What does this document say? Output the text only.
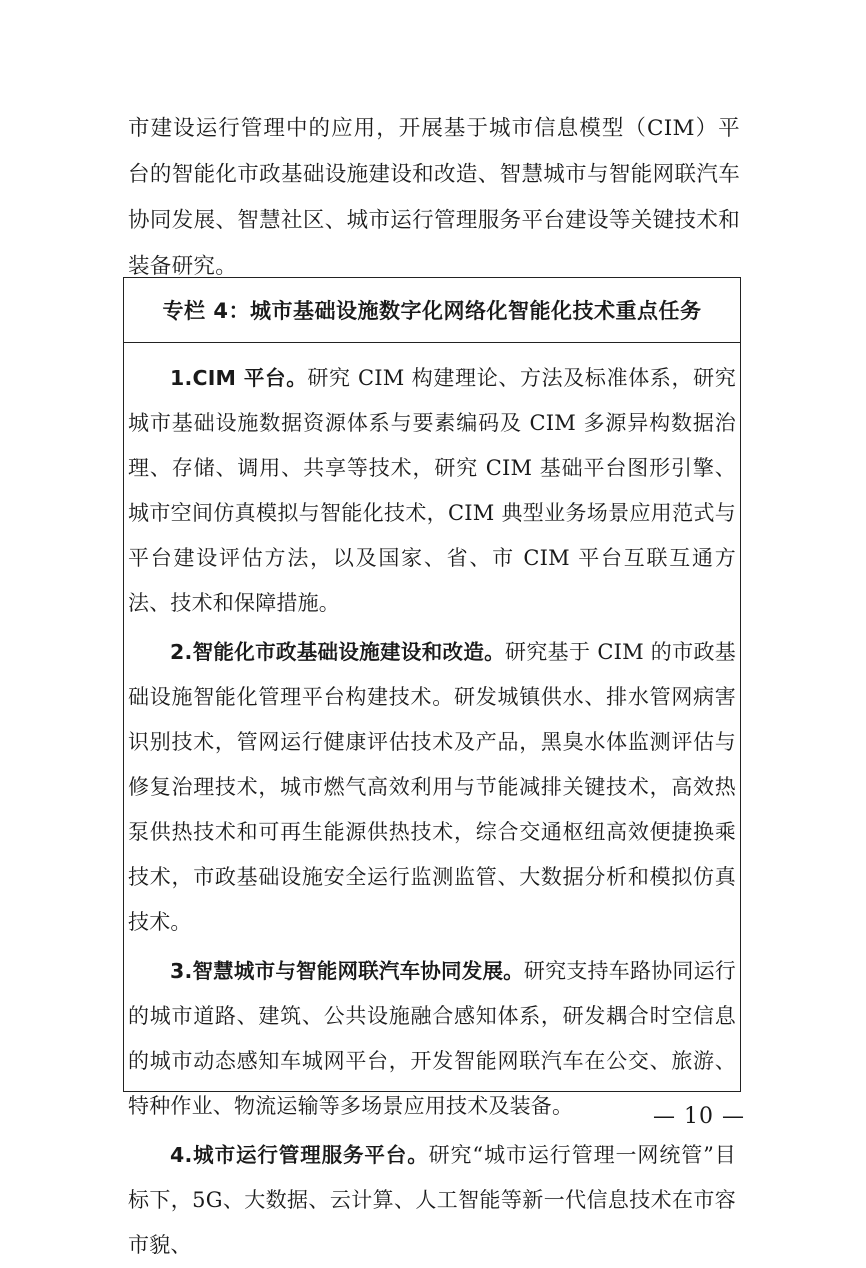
市建设运行管理中的应用，开展基于城市信息模型（CIM）平台的智能化市政基础设施建设和改造、智慧城市与智能网联汽车协同发展、智慧社区、城市运行管理服务平台建设等关键技术和装备研究。

专栏 4：城市基础设施数字化网络化智能化技术重点任务

1.CIM 平台。研究 CIM 构建理论、方法及标准体系，研究城市基础设施数据资源体系与要素编码及 CIM 多源异构数据治理、存储、调用、共享等技术，研究 CIM 基础平台图形引擎、城市空间仿真模拟与智能化技术，CIM 典型业务场景应用范式与平台建设评估方法，以及国家、省、市 CIM 平台互联互通方法、技术和保障措施。

2.智能化市政基础设施建设和改造。研究基于 CIM 的市政基础设施智能化管理平台构建技术。研发城镇供水、排水管网病害识别技术，管网运行健康评估技术及产品，黑臭水体监测评估与修复治理技术，城市燃气高效利用与节能减排关键技术，高效热泵供热技术和可再生能源供热技术，综合交通枢纽高效便捷换乘技术，市政基础设施安全运行监测监管、大数据分析和模拟仿真技术。

3.智慧城市与智能网联汽车协同发展。研究支持车路协同运行的城市道路、建筑、公共设施融合感知体系，研发耦合时空信息的城市动态感知车城网平台，开发智能网联汽车在公交、旅游、特种作业、物流运输等多场景应用技术及装备。

4.城市运行管理服务平台。研究“城市运行管理一网统管”目标下，5G、大数据、云计算、人工智能等新一代信息技术在市容市貌、

— 10 —
